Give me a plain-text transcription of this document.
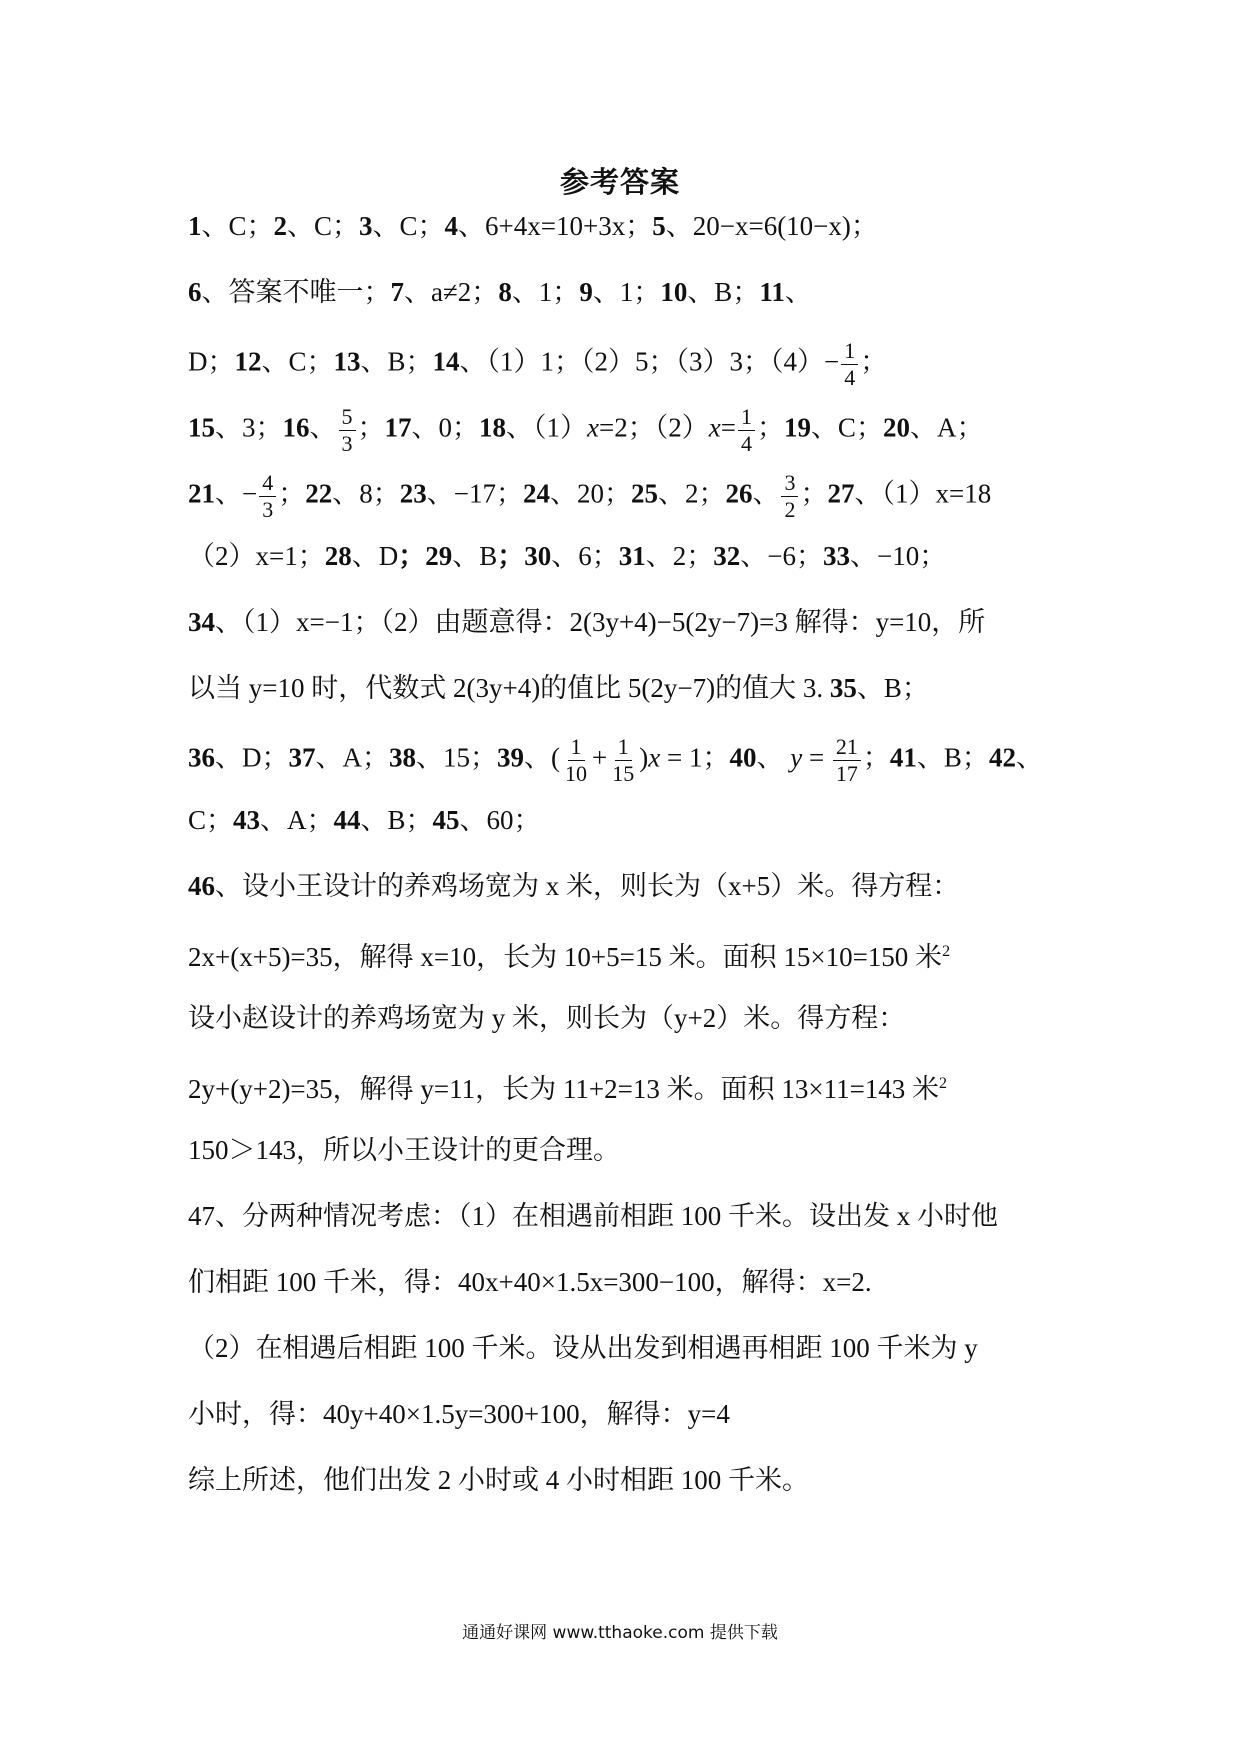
参考答案
1、C；2、C；3、C；4、6+4x=10+3x；5、20−x=6(10−x)；
6、答案不唯一；7、a≠2；8、1；9、1；10、B；11、
D；12、C；13、B；14、（1）1；（2）5；（3）3；$(4)- \frac{1}{4}$ ；
15、3；16、 $\frac{5}{3}$ ；17、0；18、（1）x=2；$(2)x= \frac{1}{4}$ ；19、C；20、A；
21、− $\frac{4}{3}$ ；22、8；23、−17；24、20；25、2；26、 $\frac{3}{2}$ ；27、（1）x=18
（2）x=1；28、D；29、B；30、6；31、2；32、−6；33、−10；
34、（1）x=−1；（2）由题意得：2(3y+4)−5(2y−7)=3 解得：y=10，所
以当 y=10 时，代数式 2(3y+4)的值比 5(2y−7)的值大 3. 35、B；
36、D；37、A；38、15；39、( $\frac{1}{10} + \frac{1}{15} )x = 1$；40、 $y = \frac{21}{17}$ ；41、B；42、
C；43、A；44、B；45、60；
46、设小王设计的养鸡场宽为 x 米，则长为（x+5）米。得方程：
2x+(x+5)=35，解得 x=10，长为 10+5=15 米。面积 15×10=150 米$^2$
设小赵设计的养鸡场宽为 y 米，则长为（y+2）米。得方程：
2y+(y+2)=35，解得 y=11，长为 11+2=13 米。面积 13×11=143 米$^2$
150＞143，所以小王设计的更合理。
47、分两种情况考虑：（1）在相遇前相距 100 千米。设出发 x 小时他
们相距 100 千米，得：40x+40×1.5x=300−100，解得：x=2.
（2）在相遇后相距 100 千米。设从出发到相遇再相距 100 千米为 y
小时，得：40y+40×1.5y=300+100，解得：y=4
综上所述，他们出发 2 小时或 4 小时相距 100 千米。
通通好课网 www.tthaoke.com 提供下载
